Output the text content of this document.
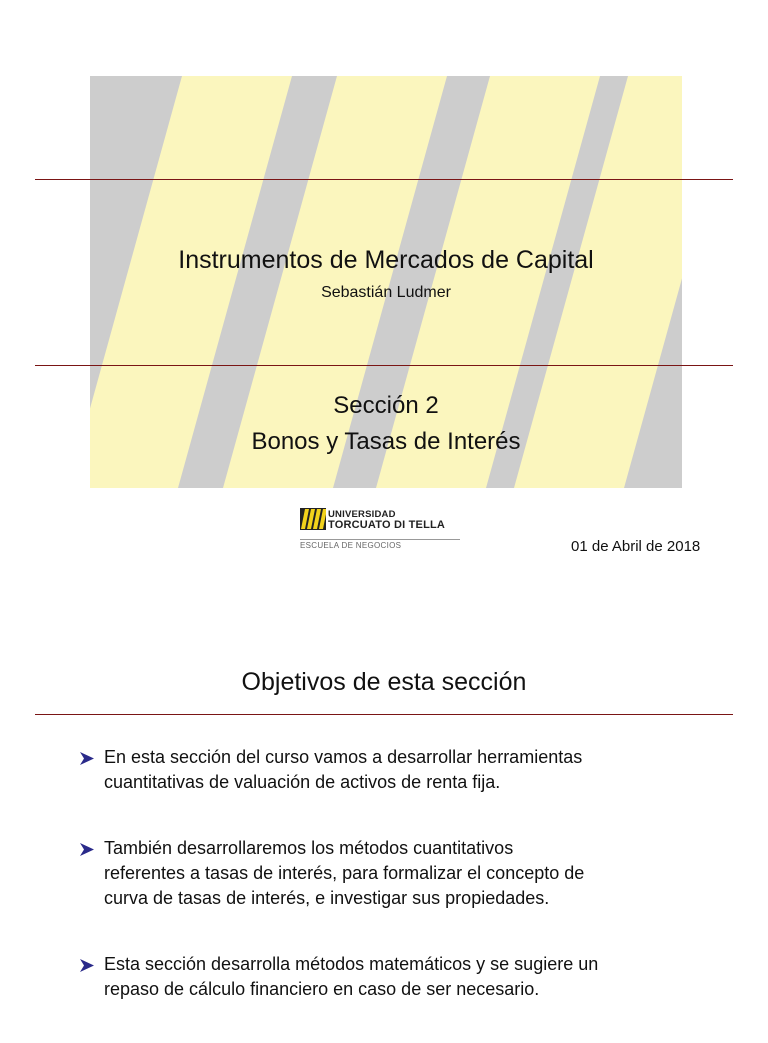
Instrumentos de Mercados de Capital
Sebastián Ludmer
Sección 2
Bonos y Tasas de Interés
UNIVERSIDAD
TORCUATO DI TELLA
ESCUELA DE NEGOCIOS	01 de Abril de 2018
Objetivos de esta sección
En esta sección del curso vamos a desarrollar herramientas
cuantitativas de valuación de activos de renta fija.
También desarrollaremos los métodos cuantitativos
referentes a tasas de interés, para formalizar el concepto de
curva de tasas de interés, e investigar sus propiedades.
Esta sección desarrolla métodos matemáticos y se sugiere un
repaso de cálculo financiero en caso de ser necesario.
